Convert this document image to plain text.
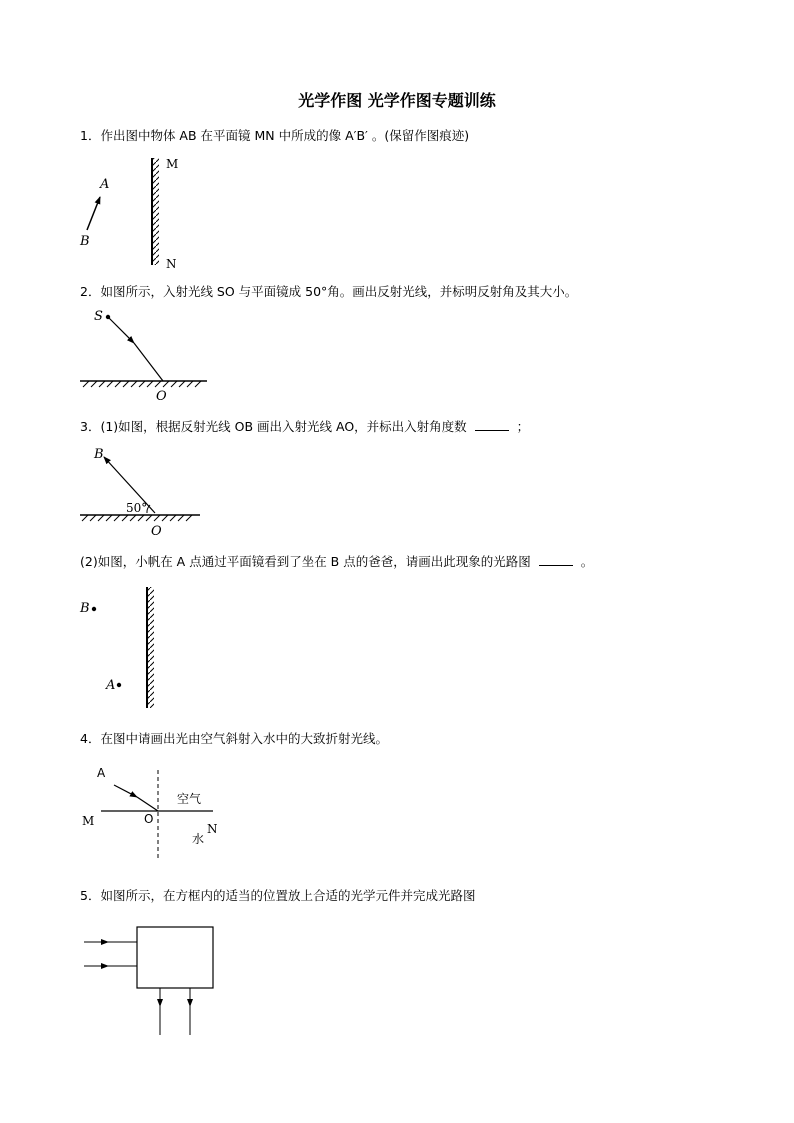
光学作图 光学作图专题训练
1．作出图中物体 AB 在平面镜 MN 中所成的像 A′B′ 。(保留作图痕迹)
2．如图所示，入射光线 SO 与平面镜成 50°角。画出反射光线，并标明反射角及其大小。
3．(1)如图，根据反射光线 OB 画出入射光线 AO，并标出入射角度数	；
(2)如图，小帆在 A 点通过平面镜看到了坐在 B 点的爸爸，请画出此现象的光路图	。
4．在图中请画出光由空气斜射入水中的大致折射光线。
5．如图所示，在方框内的适当的位置放上合适的光学元件并完成光路图
A
B
M
N
S
O
B
50°
O
B
A
A
M	O
空气
水
N
